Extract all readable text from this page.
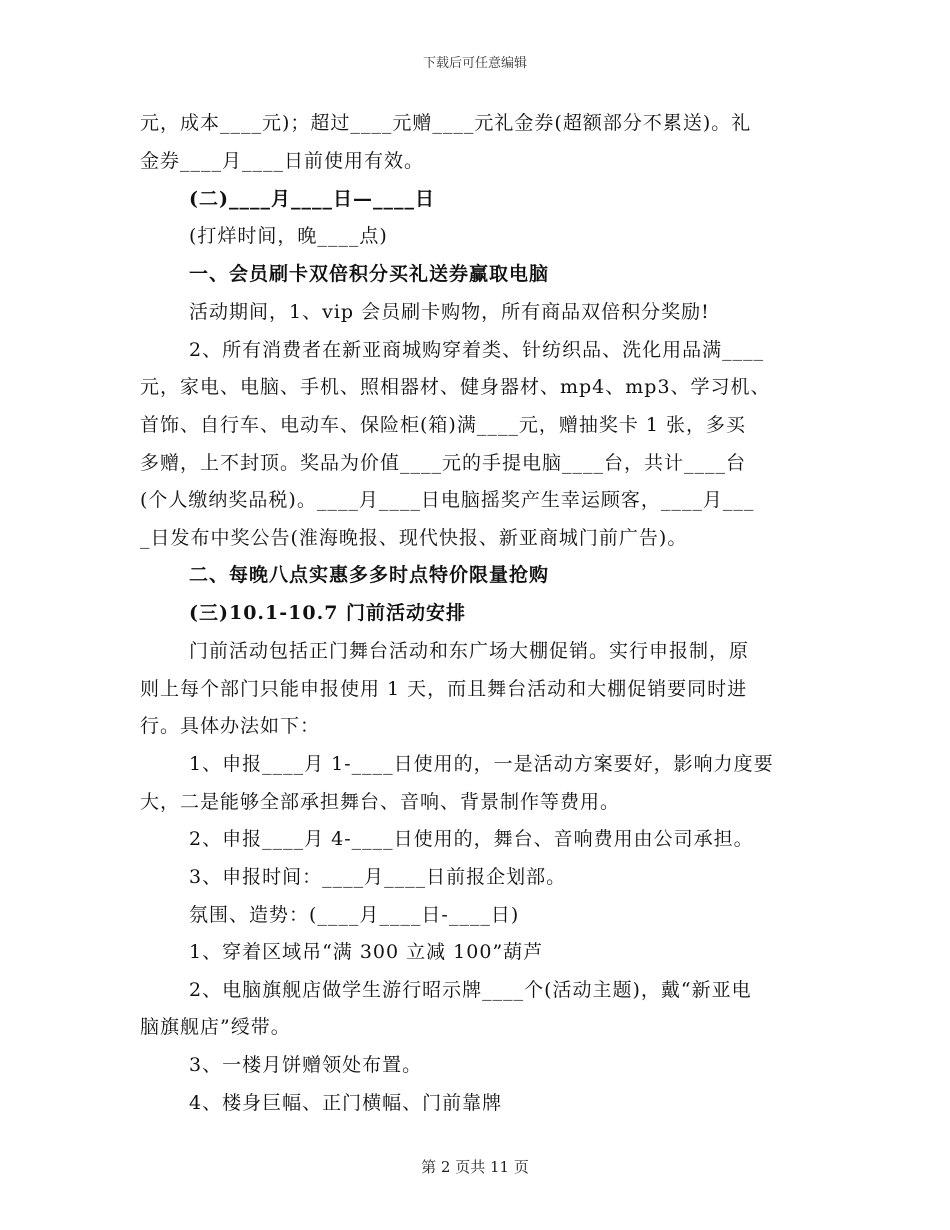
下载后可任意编辑
元，成本____元)；超过____元赠____元礼金券(超额部分不累送)。礼
金券____月____日前使用有效。
(二)____月____日—____日
(打烊时间，晚____点)
一、会员刷卡双倍积分买礼送券赢取电脑
活动期间，1、vip 会员刷卡购物，所有商品双倍积分奖励!
2、所有消费者在新亚商城购穿着类、针纺织品、洗化用品满____
元，家电、电脑、手机、照相器材、健身器材、mp4、mp3、学习机、
首饰、自行车、电动车、保险柜(箱)满____元，赠抽奖卡 1 张，多买
多赠，上不封顶。奖品为价值____元的手提电脑____台，共计____台
(个人缴纳奖品税)。____月____日电脑摇奖产生幸运顾客，____月___
_日发布中奖公告(淮海晚报、现代快报、新亚商城门前广告)。
二、每晚八点实惠多多时点特价限量抢购
(三)10.1-10.7 门前活动安排
门前活动包括正门舞台活动和东广场大棚促销。实行申报制，原
则上每个部门只能申报使用 1 天，而且舞台活动和大棚促销要同时进
行。具体办法如下：
1、申报____月 1-____日使用的，一是活动方案要好，影响力度要
大，二是能够全部承担舞台、音响、背景制作等费用。
2、申报____月 4-____日使用的，舞台、音响费用由公司承担。
3、申报时间：____月____日前报企划部。
氛围、造势：(____月____日-____日)
1、穿着区域吊“满 300 立减 100”葫芦
2、电脑旗舰店做学生游行昭示牌____个(活动主题)，戴“新亚电
脑旗舰店”绶带。
3、一楼月饼赠领处布置。
4、楼身巨幅、正门横幅、门前靠牌
第 2 页共 11 页
